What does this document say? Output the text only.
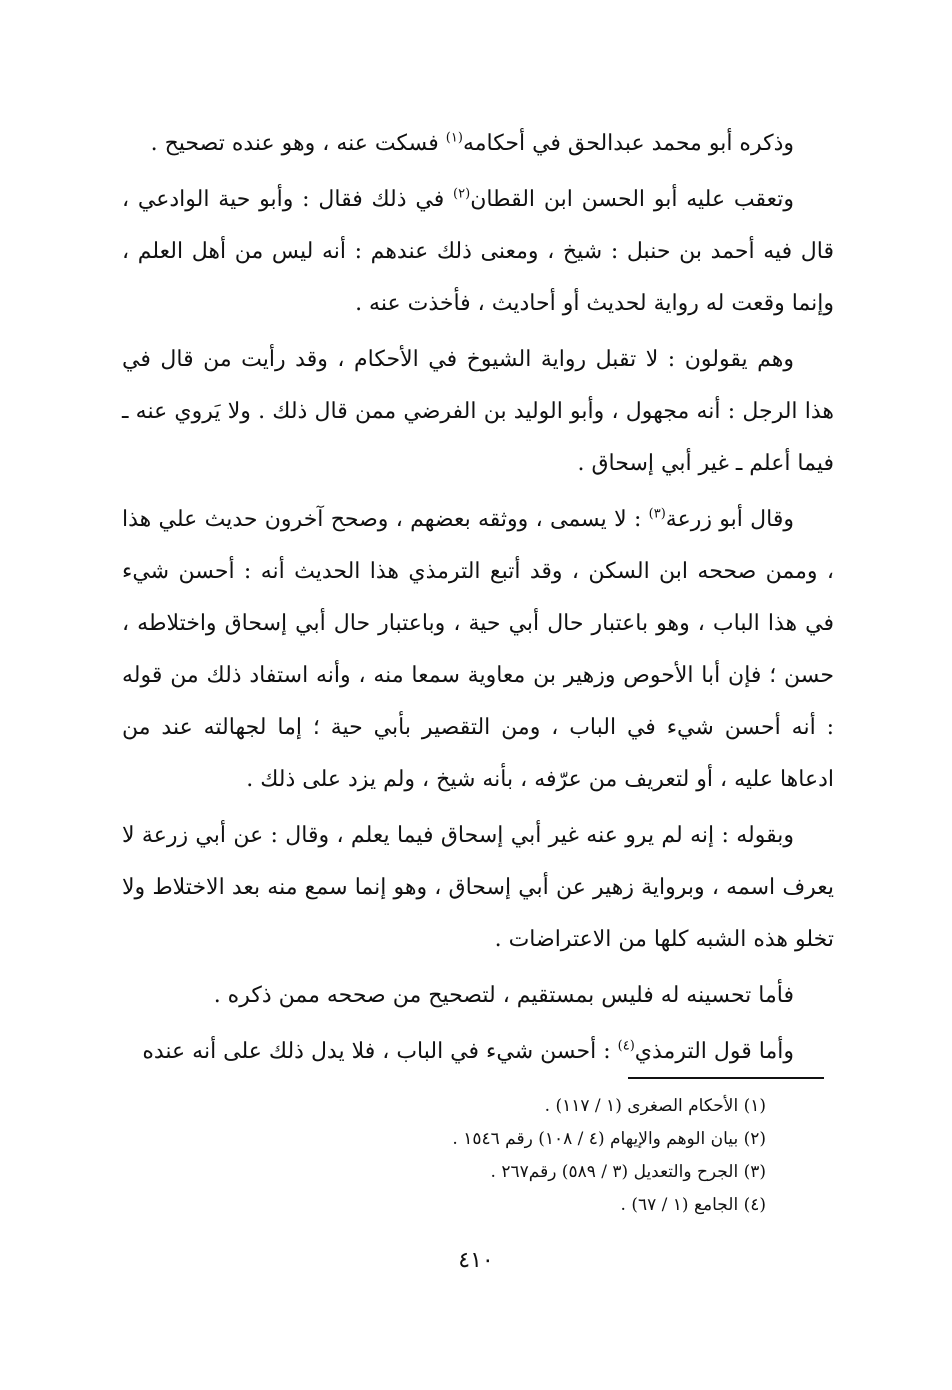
وذكره أبو محمد عبدالحق في أحكامه$^{(١)}$ فسكت عنه ، وهو عنده تصحيح .

وتعقب عليه أبو الحسن ابن القطان$^{(٢)}$ في ذلك فقال : وأبو حية الوادعي ، قال فيه أحمد بن حنبل : شيخ ، ومعنى ذلك عندهم : أنه ليس من أهل العلم ، وإنما وقعت له رواية لحديث أو أحاديث ، فأخذت عنه .

وهم يقولون : لا تقبل رواية الشيوخ في الأحكام ، وقد رأيت من قال في هذا الرجل : أنه مجهول ، وأبو الوليد بن الفرضي ممن قال ذلك . ولا يَروي عنه ـ فيما أعلم ـ غير أبي إسحاق .

وقال أبو زرعة$^{(٣)}$ : لا يسمى ، ووثقه بعضهم ، وصحح آخرون حديث علي هذا ، وممن صححه ابن السكن ، وقد أتبع الترمذي هذا الحديث أنه : أحسن شيء في هذا الباب ، وهو باعتبار حال أبي حية ، وباعتبار حال أبي إسحاق واختلاطه ، حسن ؛ فإن أبا الأحوص وزهير بن معاوية سمعا منه ، وأنه استفاد ذلك من قوله : أنه أحسن شيء في الباب ، ومن التقصير بأبي حية ؛ إما لجهالته عند من ادعاها عليه ، أو لتعريف من عرّفه ، بأنه شيخ ، ولم يزد على ذلك .

وبقوله : إنه لم يرو عنه غير أبي إسحاق فيما يعلم ، وقال : عن أبي زرعة لا يعرف اسمه ، وبرواية زهير عن أبي إسحاق ، وهو إنما سمع منه بعد الاختلاط ولا تخلو هذه الشبه كلها من الاعتراضات .

فأما تحسينه له فليس بمستقيم ، لتصحيح من صححه ممن ذكره .

وأما قول الترمذي$^{(٤)}$ : أحسن شيء في الباب ، فلا يدل ذلك على أنه عنده

(١) الأحكام الصغرى (١ / ١١٧) .

(٢) بيان الوهم والإيهام (٤ / ١٠٨) رقم ١٥٤٦ .

(٣) الجرح والتعديل (٣ / ٥٨٩) رقم٢٦٧ .

(٤) الجامع (١ / ٦٧) .

٤١٠
